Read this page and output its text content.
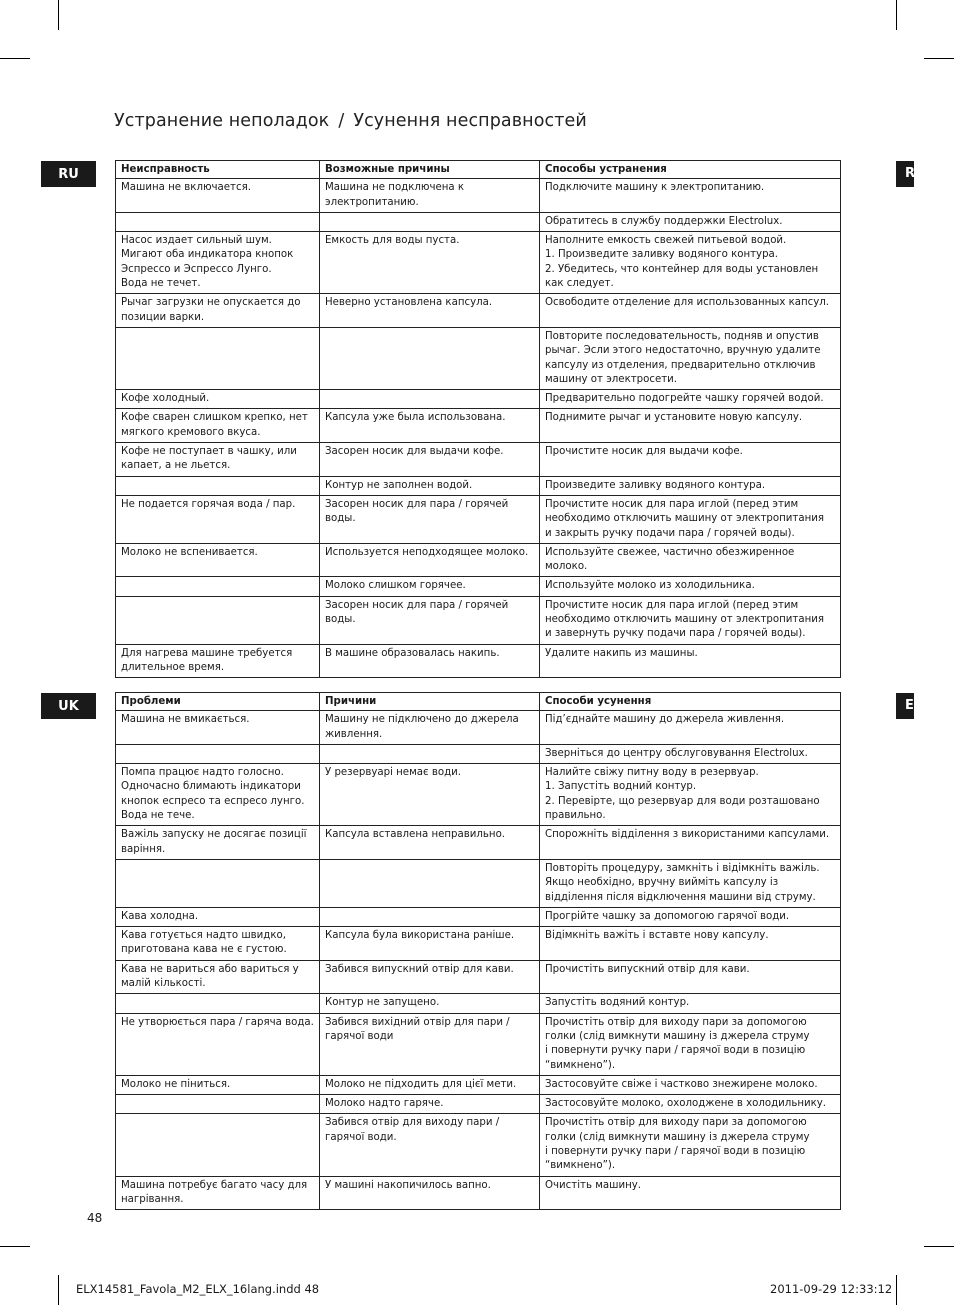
Устранение неполадок / Усунення несправностей
RU	RU
Неисправность	Возможные причины	Способы устранения
Машина не включается.	Машина не подключена к
электропитанию.	Подключите машину к электропитанию.
		Обратитесь в службу поддержки Electrolux.
Насос издает сильный шум.
Мигают оба индикатора кнопок
Эспрессо и Эспрессо Лунго.
Вода не течет.	Емкость для воды пуста.	Наполните емкость свежей питьевой водой.
1. Произведите заливку водяного контура.
2. Убедитесь, что контейнер для воды установлен
как следует.
Рычаг загрузки не опускается до
позиции варки.	Неверно установлена капсула.	Освободите отделение для использованных капсул.
		Повторите последовательность, подняв и опустив
рычаг. Эсли этого недостаточно, вручную удалите
капсулу из отделения, предварительно отключив
машину от электросети.
Кофе холодный.		Предварительно подогрейте чашку горячей водой.
Кофе сварен слишком крепко, нет
мягкого кремового вкуса.	Капсула уже была использована.	Поднимите рычаг и установите новую капсулу.
Кофе не поступает в чашку, или
капает, а не льется.	Засорен носик для выдачи кофе.	Прочистите носик для выдачи кофе.
	Контур не заполнен водой.	Произведите заливку водяного контура.
Не подается горячая вода / пар.	Засорен носик для пара / горячей
воды.	Прочистите носик для пара иглой (перед этим
необходимо отключить машину от электропитания
и закрыть ручку подачи пара / горячей воды).
Молоко не вспенивается.	Используется неподходящее молоко.	Используйте свежее, частично обезжиренное
молоко.
	Молоко слишком горячее.	Используйте молоко из холодильника.
	Засорен носик для пара / горячей
воды.	Прочистите носик для пара иглой (перед этим
необходимо отключить машину от электропитания
и завернуть ручку подачи пара / горячей воды).
Для нагрева машине требуется
длительное время.	В машине образовалась накипь.	Удалите накипь из машины.
UK	EN
Проблеми	Причини	Способи усунення
Машина не вмикається.	Машину не підключено до джерела
живлення.	Під’єднайте машину до джерела живлення.
		Зверніться до центру обслуговування Electrolux.
Помпа працює надто голосно.
Одночасно блимають індикатори
кнопок еспресо та еспресо лунго.
Вода не тече.	У резервуарі немає води.	Налийте свіжу питну воду в резервуар.
1. Запустіть водний контур.
2. Перевірте, що резервуар для води розташовано
правильно.
Важіль запуску не досягає позиції
варіння.	Капсула вставлена неправильно.	Спорожніть відділення з використаними капсулами.
		Повторіть процедуру, замкніть і відімкніть важіль.
Якщо необхідно, вручну вийміть капсулу із
відділення після відключення машини від струму.
Кава холодна.		Прогрійте чашку за допомогою гарячої води.
Кава готується надто швидко,
приготована кава не є густою.	Капсула була використана раніше.	Відімкніть важіть і вставте нову капсулу.
Кава не вариться або вариться у
малій кількості.	Забився випускний отвір для кави.	Прочистіть випускний отвір для кави.
	Контур не запущено.	Запустіть водяний контур.
Не утворюється пара / гаряча вода.	Забився вихідний отвір для пари /
гарячої води	Прочистіть отвір для виходу пари за допомогою
голки (слід вимкнути машину із джерела струму
і повернути ручку пари / гарячої води в позицію
“вимкнено”).
Молоко не піниться.	Молоко не підходить для цієї мети.	Застосовуйте свіже і частково знежирене молоко.
	Молоко надто гаряче.	Застосовуйте молоко, охолоджене в холодильнику.
	Забився отвір для виходу пари /
гарячої води.	Прочистіть отвір для виходу пари за допомогою
голки (слід вимкнути машину із джерела струму
і повернути ручку пари / гарячої води в позицію
“вимкнено”).
Машина потребує багато часу для
нагрівання.	У машині накопичилось вапно.	Очистіть машину.
48
ELX14581_Favola_M2_ELX_16lang.indd 48	2011-09-29 12:33:12
